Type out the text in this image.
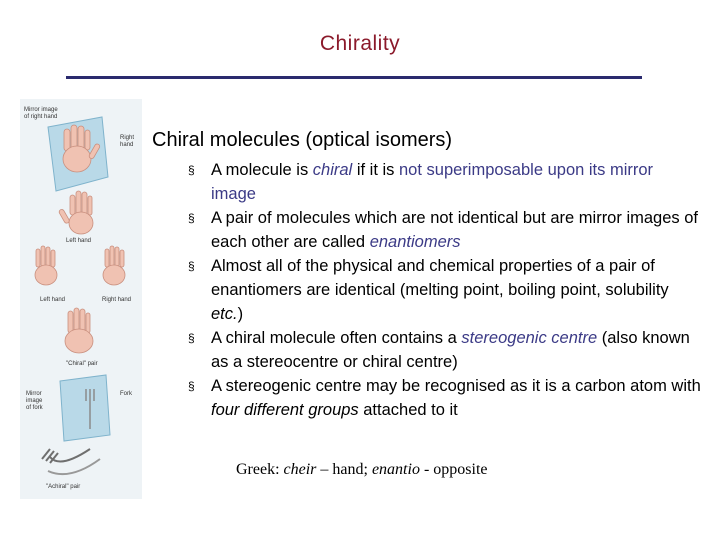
Chirality
Mirror image
of right hand
Right
hand
Left hand
Left hand	Right hand
"Chiral" pair
Mirror
image
of fork
Fork
"Achiral" pair
Chiral molecules (optical isomers)
§ A molecule is chiral if it is not superimposable upon its mirror image
§ A pair of molecules which are not identical but are mirror images of each other are called enantiomers
§ Almost all of the physical and chemical properties of a pair of enantiomers are identical (melting point, boiling point, solubility etc.)
§ A chiral molecule often contains a stereogenic centre (also known as a stereocentre or chiral centre)
§ A stereogenic centre may be recognised as it is a carbon atom with four different groups attached to it
Greek: cheir – hand; enantio - opposite
